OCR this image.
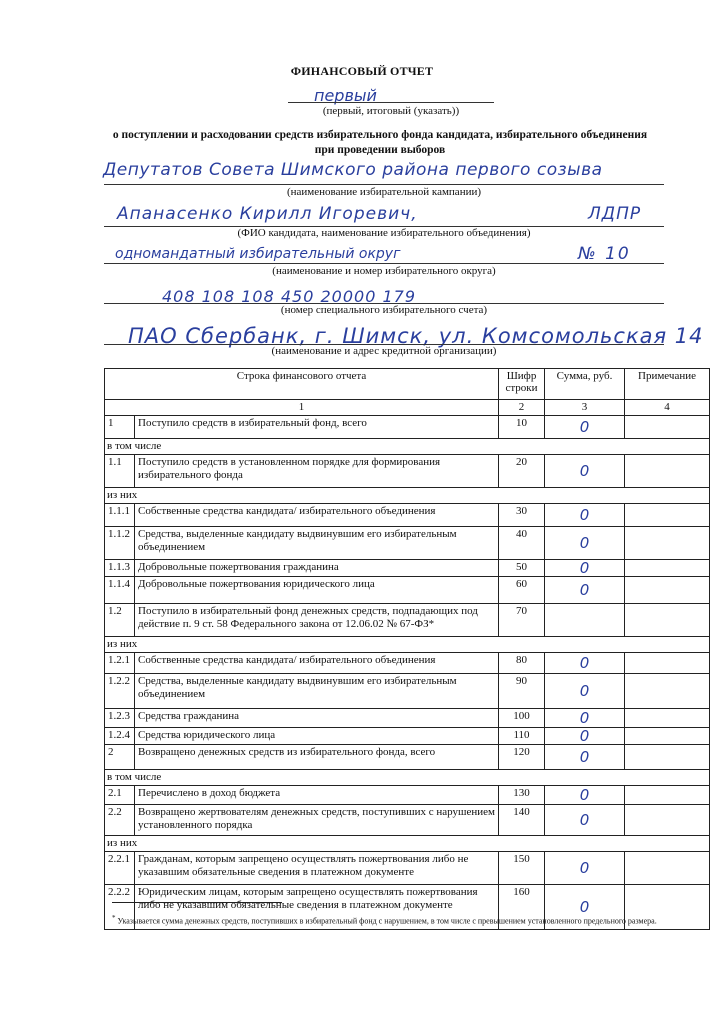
ФИНАНСОВЫЙ ОТЧЕТ
первый
(первый, итоговый (указать))
о поступлении и расходовании средств избирательного фонда кандидата, избирательного объединения
при проведении выборов
Депутатов Совета Шимского района первого созыва
(наименование избирательной кампании)
Апанасенко Кирилл Игоревич,	ЛДПР
(ФИО кандидата, наименование избирательного объединения)
одномандатный избирательный округ	№ 10
(наименование и номер избирательного округа)
408 108 108 450 20000 179
(номер специального избирательного счета)
ПАО Сбербанк, г. Шимск, ул. Комсомольская 14
(наименование и адрес кредитной организации)
Строка финансового отчета		Шифр строки	Сумма, руб.	Примечание
1		2	3	4
1	Поступило средств в избирательный фонд, всего	10	0	
в том числе				
1.1	Поступило средств в установленном порядке для формирования избирательного фонда	20	0	
из них				
1.1.1	Собственные средства кандидата/ избирательного объединения	30	0	
1.1.2	Средства, выделенные кандидату выдвинувшим его избирательным объединением	40	0	
1.1.3	Добровольные пожертвования гражданина	50	0	
1.1.4	Добровольные пожертвования юридического лица	60	0	
1.2	Поступило в избирательный фонд денежных средств, подпадающих под действие п. 9 ст. 58 Федерального закона от 12.06.02 № 67-ФЗ*	70		
из них				
1.2.1	Собственные средства кандидата/ избирательного объединения	80	0	
1.2.2	Средства, выделенные кандидату выдвинувшим его избирательным объединением	90	0	
1.2.3	Средства гражданина	100	0	
1.2.4	Средства юридического лица	110	0	
2	Возвращено денежных средств из избирательного фонда, всего	120	0	
в том числе				
2.1	Перечислено в доход бюджета	130	0	
2.2	Возвращено жертвователям денежных средств, поступивших с нарушением установленного порядка	140	0	
из них				
2.2.1	Гражданам, которым запрещено осуществлять пожертвования либо не указавшим обязательные сведения в платежном документе	150	0	
2.2.2	Юридическим лицам, которым запрещено осуществлять пожертвования либо не указавшим обязательные сведения в платежном документе	160	0	
* Указывается сумма денежных средств, поступивших в избирательный фонд с нарушением, в том числе с превышением установленного предельного размера.
